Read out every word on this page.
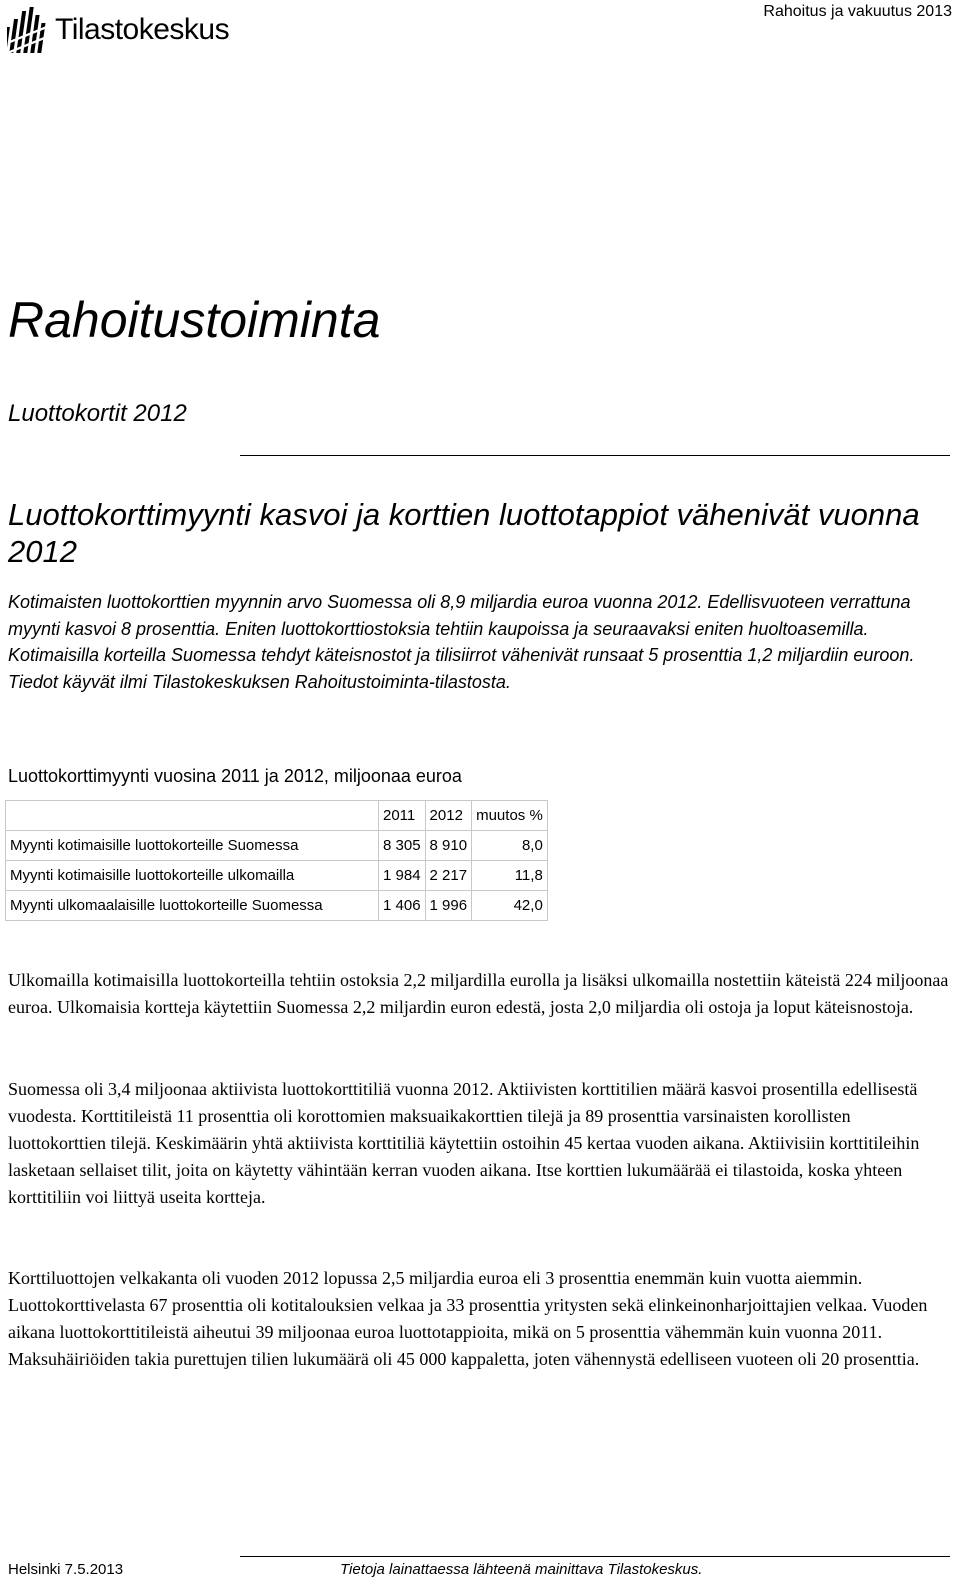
Tilastokeskus
Rahoitus ja vakuutus 2013
Rahoitustoiminta
Luottokortit 2012
Luottokorttimyynti kasvoi ja korttien luottotappiot vähenivät vuonna 2012

Kotimaisten luottokorttien myynnin arvo Suomessa oli 8,9 miljardia euroa vuonna 2012. Edellisvuoteen verrattuna myynti kasvoi 8 prosenttia. Eniten luottokorttiostoksia tehtiin kaupoissa ja seuraavaksi eniten huoltoasemilla. Kotimaisilla korteilla Suomessa tehdyt käteisnostot ja tilisiirrot vähenivät runsaat 5 prosenttia 1,2 miljardiin euroon. Tiedot käyvät ilmi Tilastokeskuksen Rahoitustoiminta-tilastosta.

Luottokorttimyynti vuosina 2011 ja 2012, miljoonaa euroa
	2011	2012	muutos %
Myynti kotimaisille luottokorteille Suomessa	8 305	8 910	8,0
Myynti kotimaisille luottokorteille ulkomailla	1 984	2 217	11,8
Myynti ulkomaalaisille luottokorteille Suomessa	1 406	1 996	42,0

Ulkomailla kotimaisilla luottokorteilla tehtiin ostoksia 2,2 miljardilla eurolla ja lisäksi ulkomailla nostettiin käteistä 224 miljoonaa euroa. Ulkomaisia kortteja käytettiin Suomessa 2,2 miljardin euron edestä, josta 2,0 miljardia oli ostoja ja loput käteisnostoja.

Suomessa oli 3,4 miljoonaa aktiivista luottokorttitiliä vuonna 2012. Aktiivisten korttitilien määrä kasvoi prosentilla edellisestä vuodesta. Korttitileistä 11 prosenttia oli korottomien maksuaikakorttien tilejä ja 89 prosenttia varsinaisten korollisten luottokorttien tilejä. Keskimäärin yhtä aktiivista korttitiliä käytettiin ostoihin 45 kertaa vuoden aikana. Aktiivisiin korttitileihin lasketaan sellaiset tilit, joita on käytetty vähintään kerran vuoden aikana. Itse korttien lukumäärää ei tilastoida, koska yhteen korttitiliin voi liittyä useita kortteja.

Korttiluottojen velkakanta oli vuoden 2012 lopussa 2,5 miljardia euroa eli 3 prosenttia enemmän kuin vuotta aiemmin. Luottokorttivelasta 67 prosenttia oli kotitalouksien velkaa ja 33 prosenttia yritysten sekä elinkeinonharjoittajien velkaa. Vuoden aikana luottokorttitileistä aiheutui 39 miljoonaa euroa luottotappioita, mikä on 5 prosenttia vähemmän kuin vuonna 2011. Maksuhäiriöiden takia purettujen tilien lukumäärä oli 45 000 kappaletta, joten vähennystä edelliseen vuoteen oli 20 prosenttia.

Helsinki 7.5.2013	Tietoja lainattaessa lähteenä mainittava Tilastokeskus.
